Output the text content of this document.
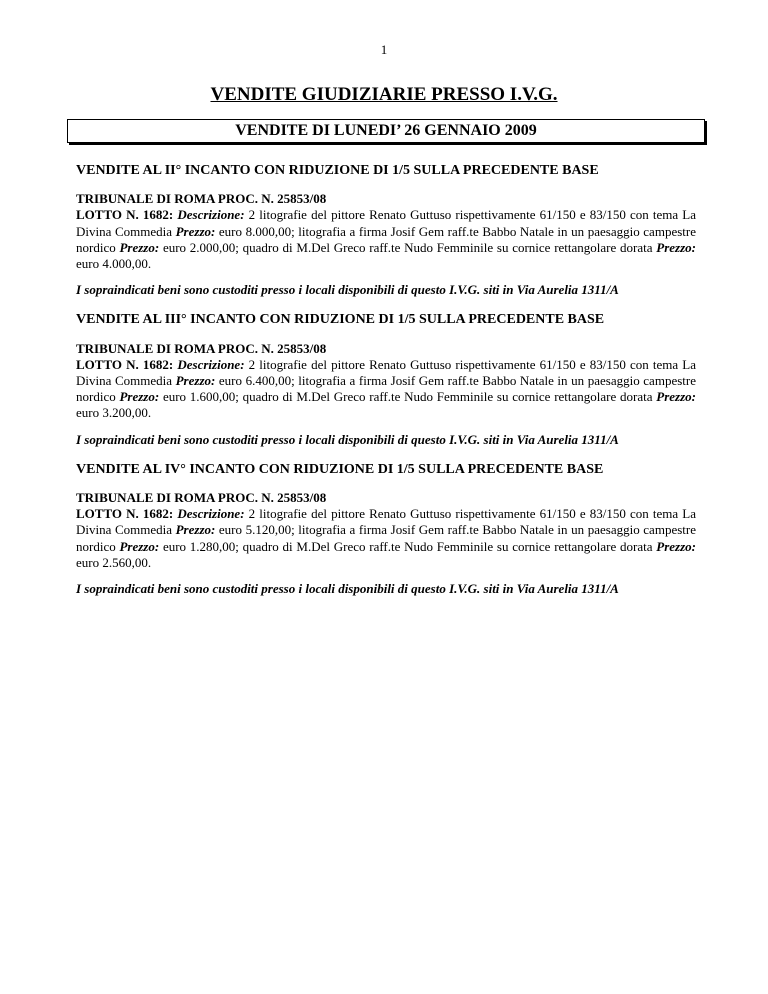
1
VENDITE GIUDIZIARIE PRESSO I.V.G.
VENDITE DI LUNEDI’ 26 GENNAIO 2009
VENDITE AL II° INCANTO CON RIDUZIONE DI 1/5 SULLA PRECEDENTE BASE
TRIBUNALE DI ROMA PROC. N. 25853/08
LOTTO N. 1682: Descrizione: 2 litografie del pittore Renato Guttuso rispettivamente 61/150 e 83/150 con tema La Divina Commedia Prezzo: euro 8.000,00; litografia a firma Josif Gem raff.te Babbo Natale in un paesaggio campestre nordico Prezzo: euro 2.000,00; quadro di M.Del Greco raff.te Nudo Femminile su cornice rettangolare dorata Prezzo: euro 4.000,00.
I sopraindicati beni sono custoditi presso i locali disponibili di questo I.V.G. siti in Via Aurelia 1311/A
VENDITE AL III° INCANTO CON RIDUZIONE DI 1/5 SULLA PRECEDENTE BASE
TRIBUNALE DI ROMA PROC. N. 25853/08
LOTTO N. 1682: Descrizione: 2 litografie del pittore Renato Guttuso rispettivamente 61/150 e 83/150 con tema La Divina Commedia Prezzo: euro 6.400,00; litografia a firma Josif Gem raff.te Babbo Natale in un paesaggio campestre nordico Prezzo: euro 1.600,00; quadro di M.Del Greco raff.te Nudo Femminile su cornice rettangolare dorata Prezzo: euro 3.200,00.
I sopraindicati beni sono custoditi presso i locali disponibili di questo I.V.G. siti in Via Aurelia 1311/A
VENDITE AL IV° INCANTO CON RIDUZIONE DI 1/5 SULLA PRECEDENTE BASE
TRIBUNALE DI ROMA PROC. N. 25853/08
LOTTO N. 1682: Descrizione: 2 litografie del pittore Renato Guttuso rispettivamente 61/150 e 83/150 con tema La Divina Commedia Prezzo: euro 5.120,00; litografia a firma Josif Gem raff.te Babbo Natale in un paesaggio campestre nordico Prezzo: euro 1.280,00; quadro di M.Del Greco raff.te Nudo Femminile su cornice rettangolare dorata Prezzo: euro 2.560,00.
I sopraindicati beni sono custoditi presso i locali disponibili di questo I.V.G. siti in Via Aurelia 1311/A
